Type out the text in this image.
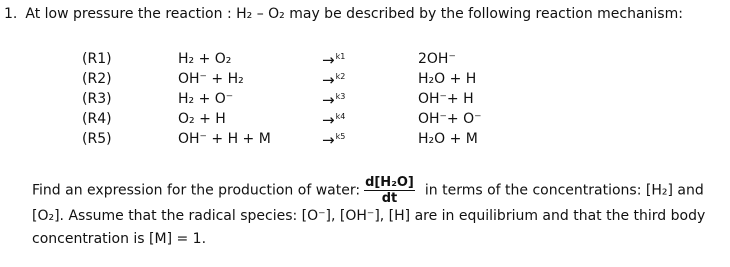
1. At low pressure the reaction : H₂ – O₂ may be described by the following reaction mechanism:
(R1)	H₂ + O₂	→$^{k1}$	2OH⁻
(R2)	OH⁻ + H₂	→$^{k2}$	H₂O + H
(R3)	H₂ + O⁻	→$^{k3}$	OH⁻+ H
(R4)	O₂ + H	→$^{k4}$	OH⁻+ O⁻
(R5)	OH⁻ + H + M	→$^{k5}$	H₂O + M
Find an expression for the production of water: $\frac{\text{d[H₂O]}}{dt}$ in terms of the concentrations: [H₂] and
[O₂]. Assume that the radical species: [O⁻], [OH⁻], [H] are in equilibrium and that the third body
concentration is [M] = 1.
